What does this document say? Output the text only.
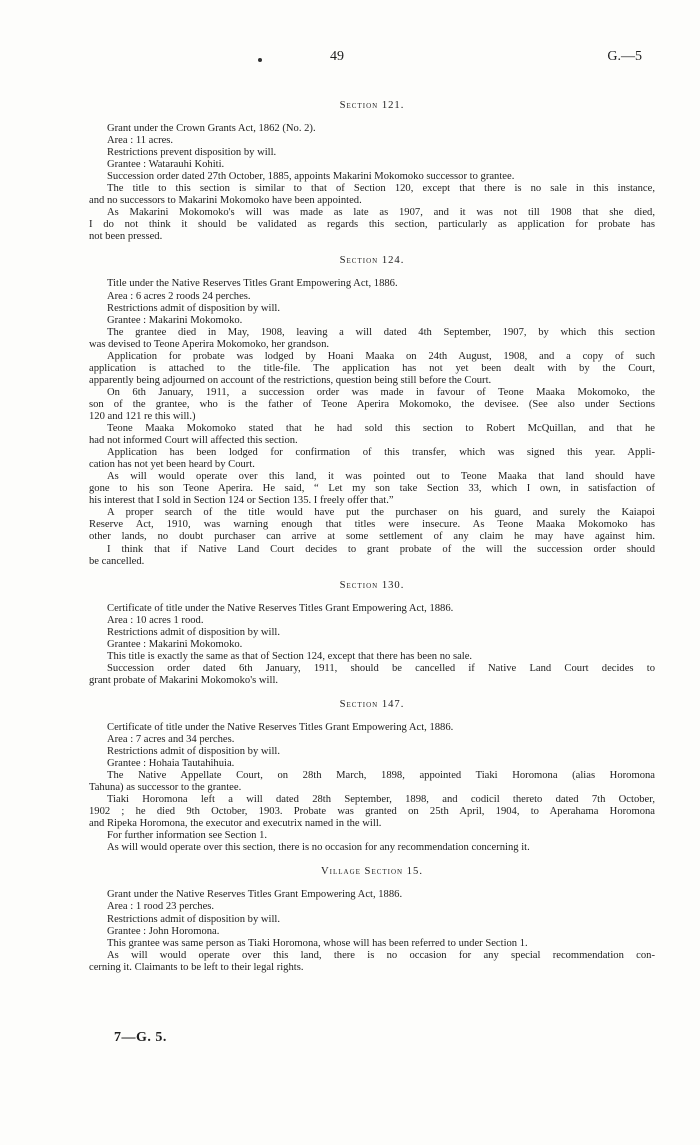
49	G.—5
Section 121.
Grant under the Crown Grants Act, 1862 (No. 2).
Area : 11 acres.
Restrictions prevent disposition by will.
Grantee : Watarauhi Kohiti.
Succession order dated 27th October, 1885, appoints Makarini Mokomoko successor to grantee.
The title to this section is similar to that of Section 120, except that there is no sale in this instance,
and no successors to Makarini Mokomoko have been appointed.
As Makarini Mokomoko's will was made as late as 1907, and it was not till 1908 that she died,
I do not think it should be validated as regards this section, particularly as application for probate has
not been pressed.
Section 124.
Title under the Native Reserves Titles Grant Empowering Act, 1886.
Area : 6 acres 2 roods 24 perches.
Restrictions admit of disposition by will.
Grantee : Makarini Mokomoko.
The grantee died in May, 1908, leaving a will dated 4th September, 1907, by which this section
was devised to Teone Aperira Mokomoko, her grandson.
Application for probate was lodged by Hoani Maaka on 24th August, 1908, and a copy of such
application is attached to the title-file. The application has not yet been dealt with by the Court,
apparently being adjourned on account of the restrictions, question being still before the Court.
On 6th January, 1911, a succession order was made in favour of Teone Maaka Mokomoko, the
son of the grantee, who is the father of Teone Aperira Mokomoko, the devisee. (See also under Sections
120 and 121 re this will.)
Teone Maaka Mokomoko stated that he had sold this section to Robert McQuillan, and that he
had not informed Court will affected this section.
Application has been lodged for confirmation of this transfer, which was signed this year. Appli-
cation has not yet been heard by Court.
As will would operate over this land, it was pointed out to Teone Maaka that land should have
gone to his son Teone Aperira. He said, “ Let my son take Section 33, which I own, in satisfaction of
his interest that I sold in Section 124 or Section 135. I freely offer that.”
A proper search of the title would have put the purchaser on his guard, and surely the Kaiapoi
Reserve Act, 1910, was warning enough that titles were insecure. As Teone Maaka Mokomoko has
other lands, no doubt purchaser can arrive at some settlement of any claim he may have against him.
I think that if Native Land Court decides to grant probate of the will the succession order should
be cancelled.
Section 130.
Certificate of title under the Native Reserves Titles Grant Empowering Act, 1886.
Area : 10 acres 1 rood.
Restrictions admit of disposition by will.
Grantee : Makarini Mokomoko.
This title is exactly the same as that of Section 124, except that there has been no sale.
Succession order dated 6th January, 1911, should be cancelled if Native Land Court decides to
grant probate of Makarini Mokomoko's will.
Section 147.
Certificate of title under the Native Reserves Titles Grant Empowering Act, 1886.
Area : 7 acres and 34 perches.
Restrictions admit of disposition by will.
Grantee : Hohaia Tautahihuia.
The Native Appellate Court, on 28th March, 1898, appointed Tiaki Horomona (alias Horomona
Tahuna) as successor to the grantee.
Tiaki Horomona left a will dated 28th September, 1898, and codicil thereto dated 7th October,
1902 ; he died 9th October, 1903. Probate was granted on 25th April, 1904, to Aperahama Horomona
and Ripeka Horomona, the executor and executrix named in the will.
For further information see Section 1.
As will would operate over this section, there is no occasion for any recommendation concerning it.
Village Section 15.
Grant under the Native Reserves Titles Grant Empowering Act, 1886.
Area : 1 rood 23 perches.
Restrictions admit of disposition by will.
Grantee : John Horomona.
This grantee was same person as Tiaki Horomona, whose will has been referred to under Section 1.
As will would operate over this land, there is no occasion for any special recommendation con-
cerning it. Claimants to be left to their legal rights.
7—G. 5.
